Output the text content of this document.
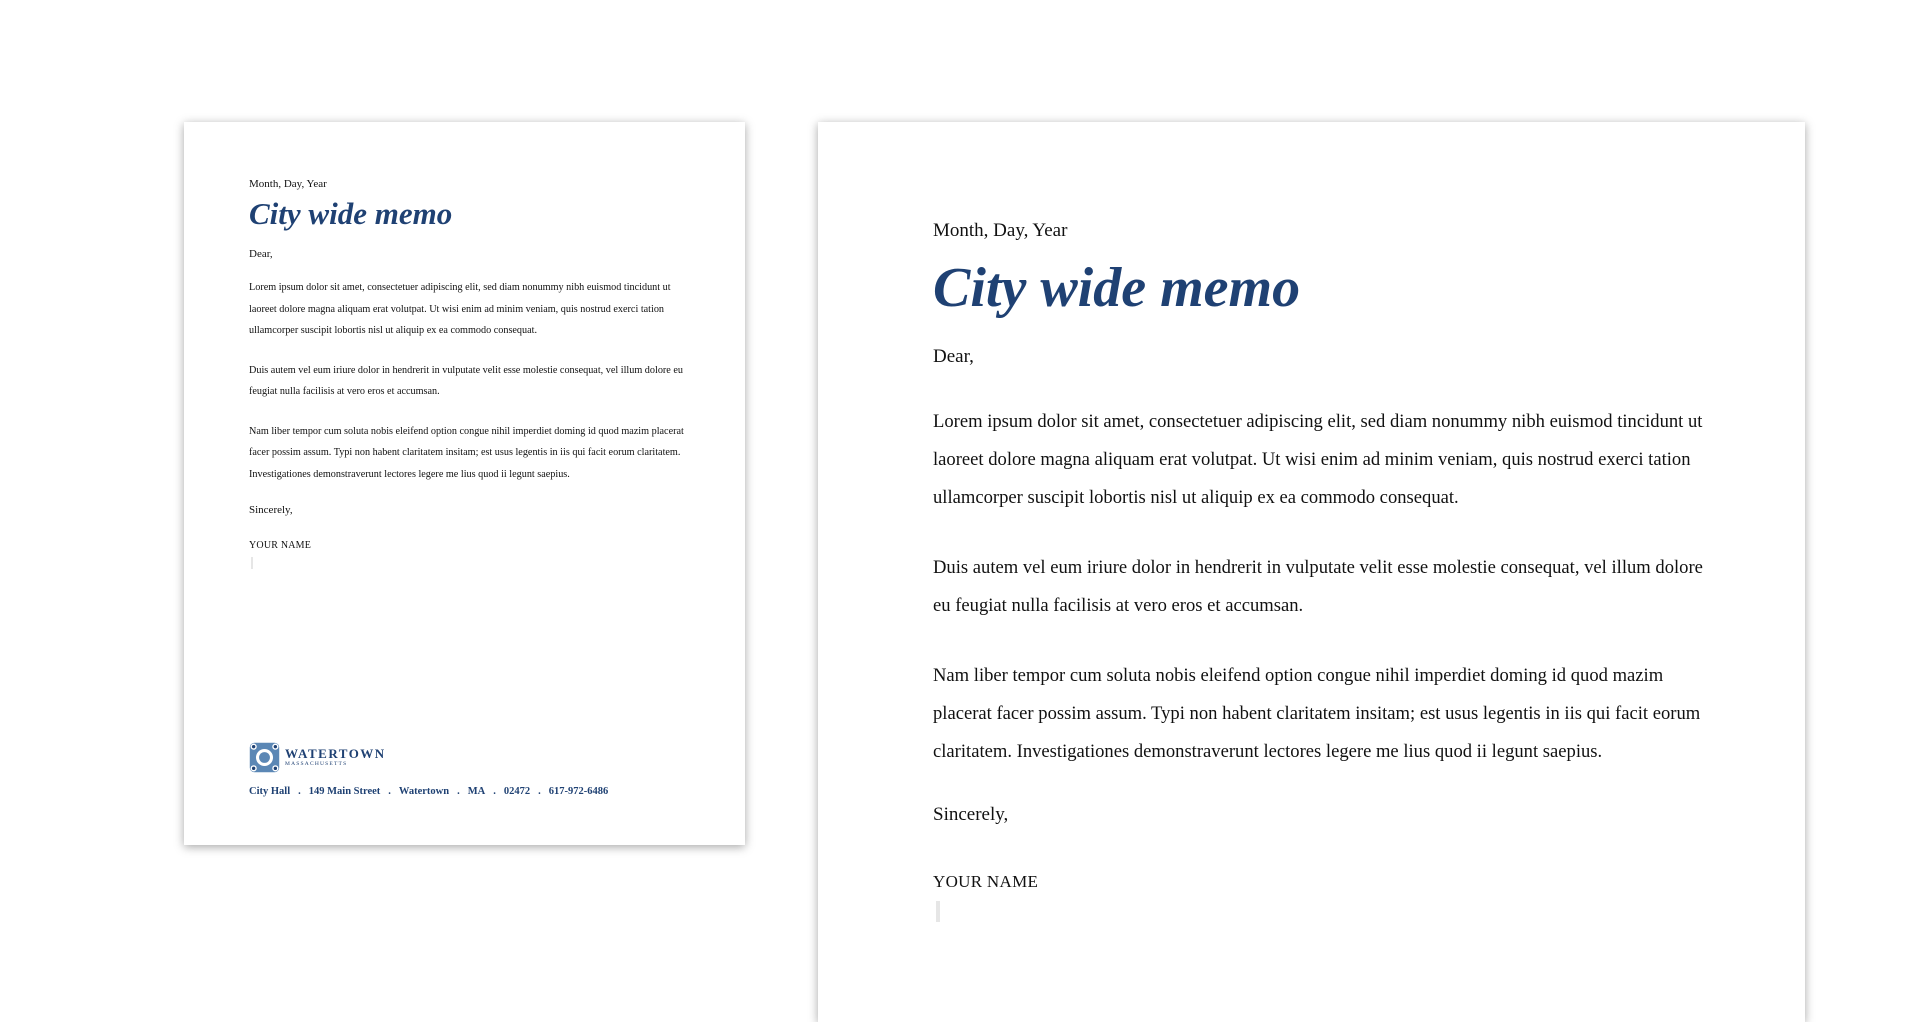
Month, Day, Year

City wide memo

Dear,

Lorem ipsum dolor sit amet, consectetuer adipiscing elit, sed diam nonummy nibh euismod tincidunt ut laoreet dolore magna aliquam erat volutpat. Ut wisi enim ad minim veniam, quis nostrud exerci tation ullamcorper suscipit lobortis nisl ut aliquip ex ea commodo consequat.

Duis autem vel eum iriure dolor in hendrerit in vulputate velit esse molestie consequat, vel illum dolore eu feugiat nulla facilisis at vero eros et accumsan.

Nam liber tempor cum soluta nobis eleifend option congue nihil imperdiet doming id quod mazim placerat facer possim assum. Typi non habent claritatem insitam; est usus legentis in iis qui facit eorum claritatem. Investigationes demonstraverunt lectores legere me lius quod ii legunt saepius.

Sincerely,

YOUR NAME

WATERTOWN
MASSACHUSETTS
City Hall . 149 Main Street . Watertown . MA . 02472 . 617-972-6486

Month, Day, Year

City wide memo

Dear,

Lorem ipsum dolor sit amet, consectetuer adipiscing elit, sed diam nonummy nibh euismod tincidunt ut laoreet dolore magna aliquam erat volutpat. Ut wisi enim ad minim veniam, quis nostrud exerci tation ullamcorper suscipit lobortis nisl ut aliquip ex ea commodo consequat.

Duis autem vel eum iriure dolor in hendrerit in vulputate velit esse molestie consequat, vel illum dolore eu feugiat nulla facilisis at vero eros et accumsan.

Nam liber tempor cum soluta nobis eleifend option congue nihil imperdiet doming id quod mazim placerat facer possim assum. Typi non habent claritatem insitam; est usus legentis in iis qui facit eorum claritatem. Investigationes demonstraverunt lectores legere me lius quod ii legunt saepius.

Sincerely,

YOUR NAME
